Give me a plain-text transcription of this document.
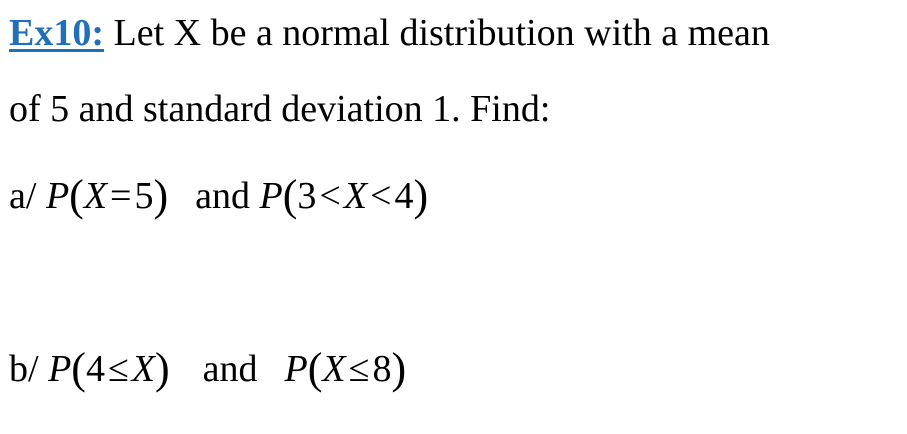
Ex10: Let X be a normal distribution with a mean
of 5 and standard deviation 1. Find:
a/ P(X=5) and P(3<X<4)
b/ P(4≤X) and P(X≤8)
